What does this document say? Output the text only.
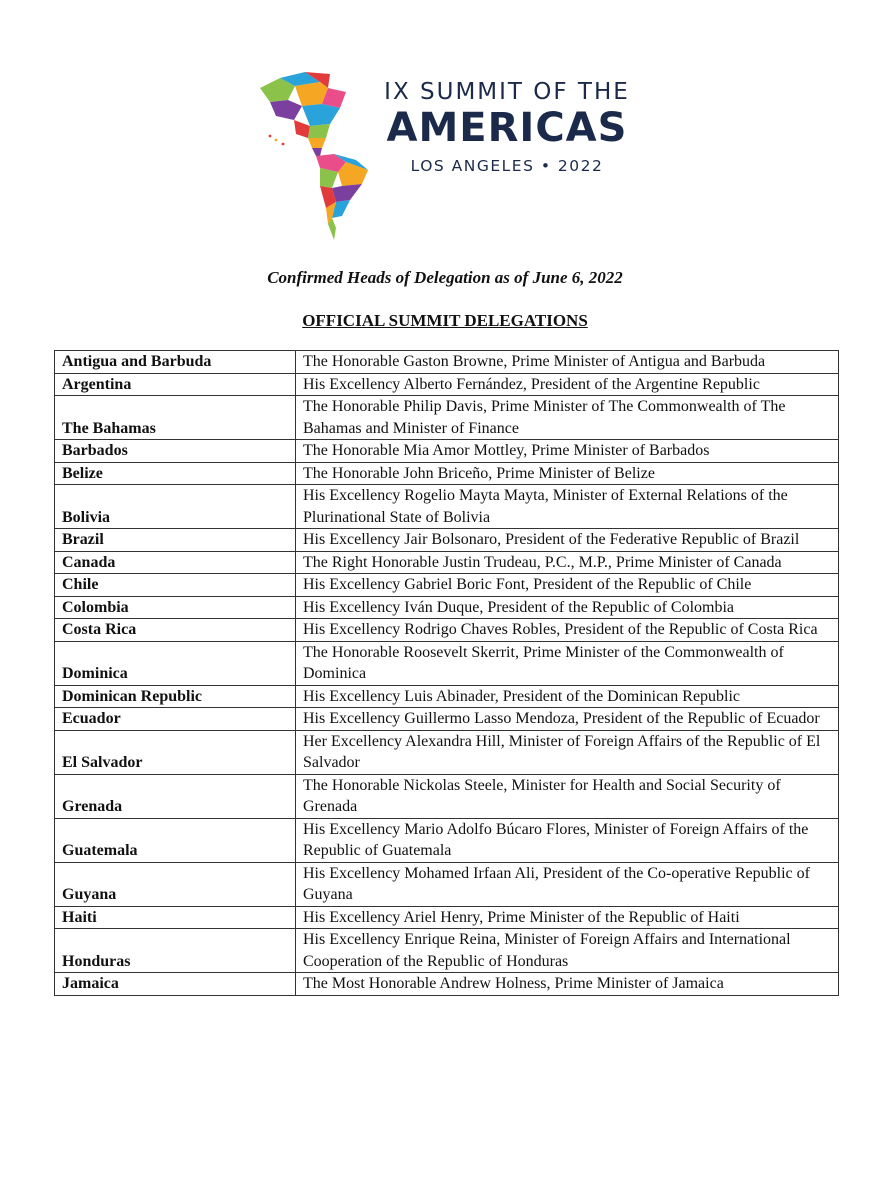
IX SUMMIT OF THE
AMERICAS
LOS ANGELES • 2022
Confirmed Heads of Delegation as of June 6, 2022
OFFICIAL SUMMIT DELEGATIONS
Antigua and Barbuda	The Honorable Gaston Browne, Prime Minister of Antigua and Barbuda
Argentina	His Excellency Alberto Fernández, President of the Argentine Republic
The Bahamas	The Honorable Philip Davis, Prime Minister of The Commonwealth of The Bahamas and Minister of Finance
Barbados	The Honorable Mia Amor Mottley, Prime Minister of Barbados
Belize	The Honorable John Briceño, Prime Minister of Belize
Bolivia	His Excellency Rogelio Mayta Mayta, Minister of External Relations of the Plurinational State of Bolivia
Brazil	His Excellency Jair Bolsonaro, President of the Federative Republic of Brazil
Canada	The Right Honorable Justin Trudeau, P.C., M.P., Prime Minister of Canada
Chile	His Excellency Gabriel Boric Font, President of the Republic of Chile
Colombia	His Excellency Iván Duque, President of the Republic of Colombia
Costa Rica	His Excellency Rodrigo Chaves Robles, President of the Republic of Costa Rica
Dominica	The Honorable Roosevelt Skerrit, Prime Minister of the Commonwealth of Dominica
Dominican Republic	His Excellency Luis Abinader, President of the Dominican Republic
Ecuador	His Excellency Guillermo Lasso Mendoza, President of the Republic of Ecuador
El Salvador	Her Excellency Alexandra Hill, Minister of Foreign Affairs of the Republic of El Salvador
Grenada	The Honorable Nickolas Steele, Minister for Health and Social Security of Grenada
Guatemala	His Excellency Mario Adolfo Búcaro Flores, Minister of Foreign Affairs of the Republic of Guatemala
Guyana	His Excellency Mohamed Irfaan Ali, President of the Co-operative Republic of Guyana
Haiti	His Excellency Ariel Henry, Prime Minister of the Republic of Haiti
Honduras	His Excellency Enrique Reina, Minister of Foreign Affairs and International Cooperation of the Republic of Honduras
Jamaica	The Most Honorable Andrew Holness, Prime Minister of Jamaica
